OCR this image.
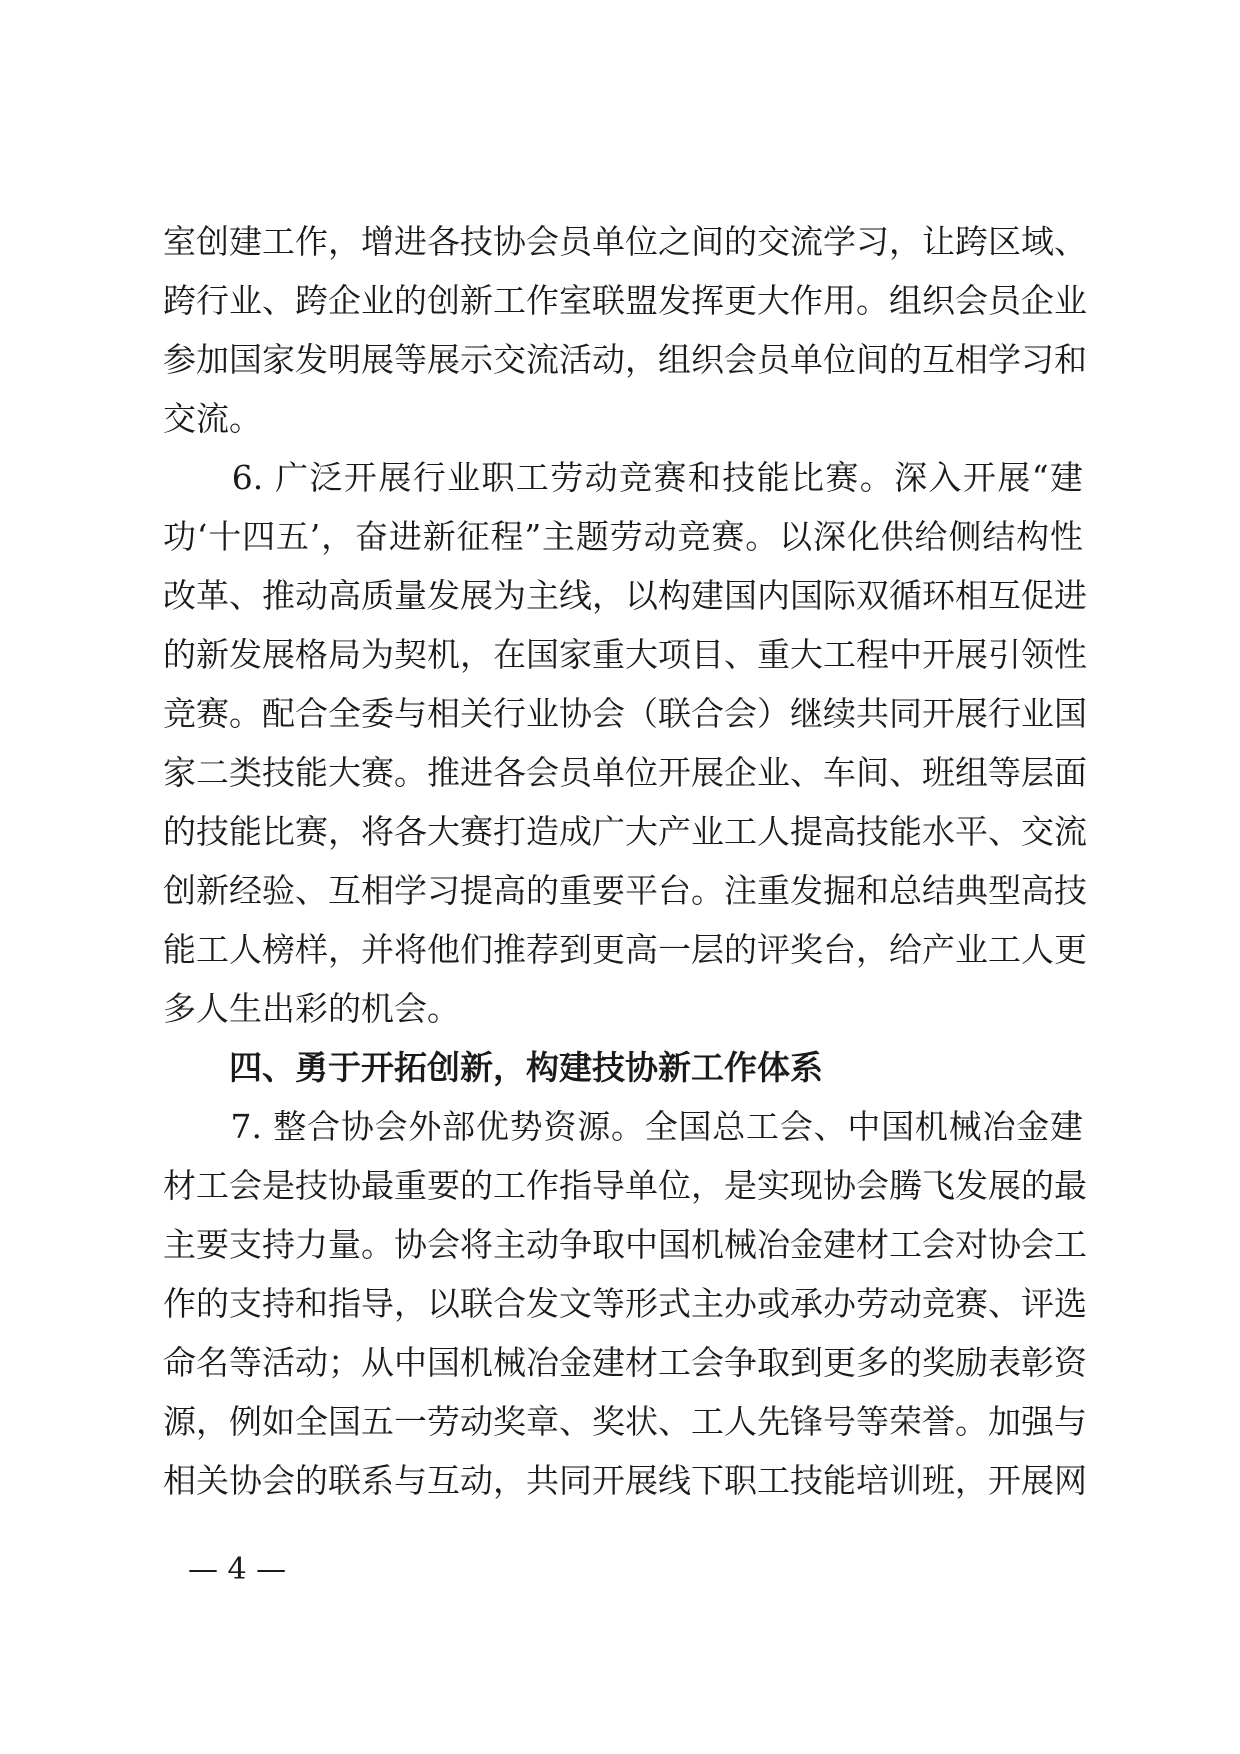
室创建工作，增进各技协会员单位之间的交流学习，让跨区域、
跨行业、跨企业的创新工作室联盟发挥更大作用。组织会员企业
参加国家发明展等展示交流活动，组织会员单位间的互相学习和
交流。
　　6. 广泛开展行业职工劳动竞赛和技能比赛。深入开展“建
功‘十四五’，奋进新征程”主题劳动竞赛。以深化供给侧结构性
改革、推动高质量发展为主线，以构建国内国际双循环相互促进
的新发展格局为契机，在国家重大项目、重大工程中开展引领性
竞赛。配合全委与相关行业协会（联合会）继续共同开展行业国
家二类技能大赛。推进各会员单位开展企业、车间、班组等层面
的技能比赛，将各大赛打造成广大产业工人提高技能水平、交流
创新经验、互相学习提高的重要平台。注重发掘和总结典型高技
能工人榜样，并将他们推荐到更高一层的评奖台，给产业工人更
多人生出彩的机会。
　　四、勇于开拓创新，构建技协新工作体系
　　7. 整合协会外部优势资源。全国总工会、中国机械冶金建
材工会是技协最重要的工作指导单位，是实现协会腾飞发展的最
主要支持力量。协会将主动争取中国机械冶金建材工会对协会工
作的支持和指导，以联合发文等形式主办或承办劳动竞赛、评选
命名等活动；从中国机械冶金建材工会争取到更多的奖励表彰资
源，例如全国五一劳动奖章、奖状、工人先锋号等荣誉。加强与
相关协会的联系与互动，共同开展线下职工技能培训班，开展网
— 4 —
